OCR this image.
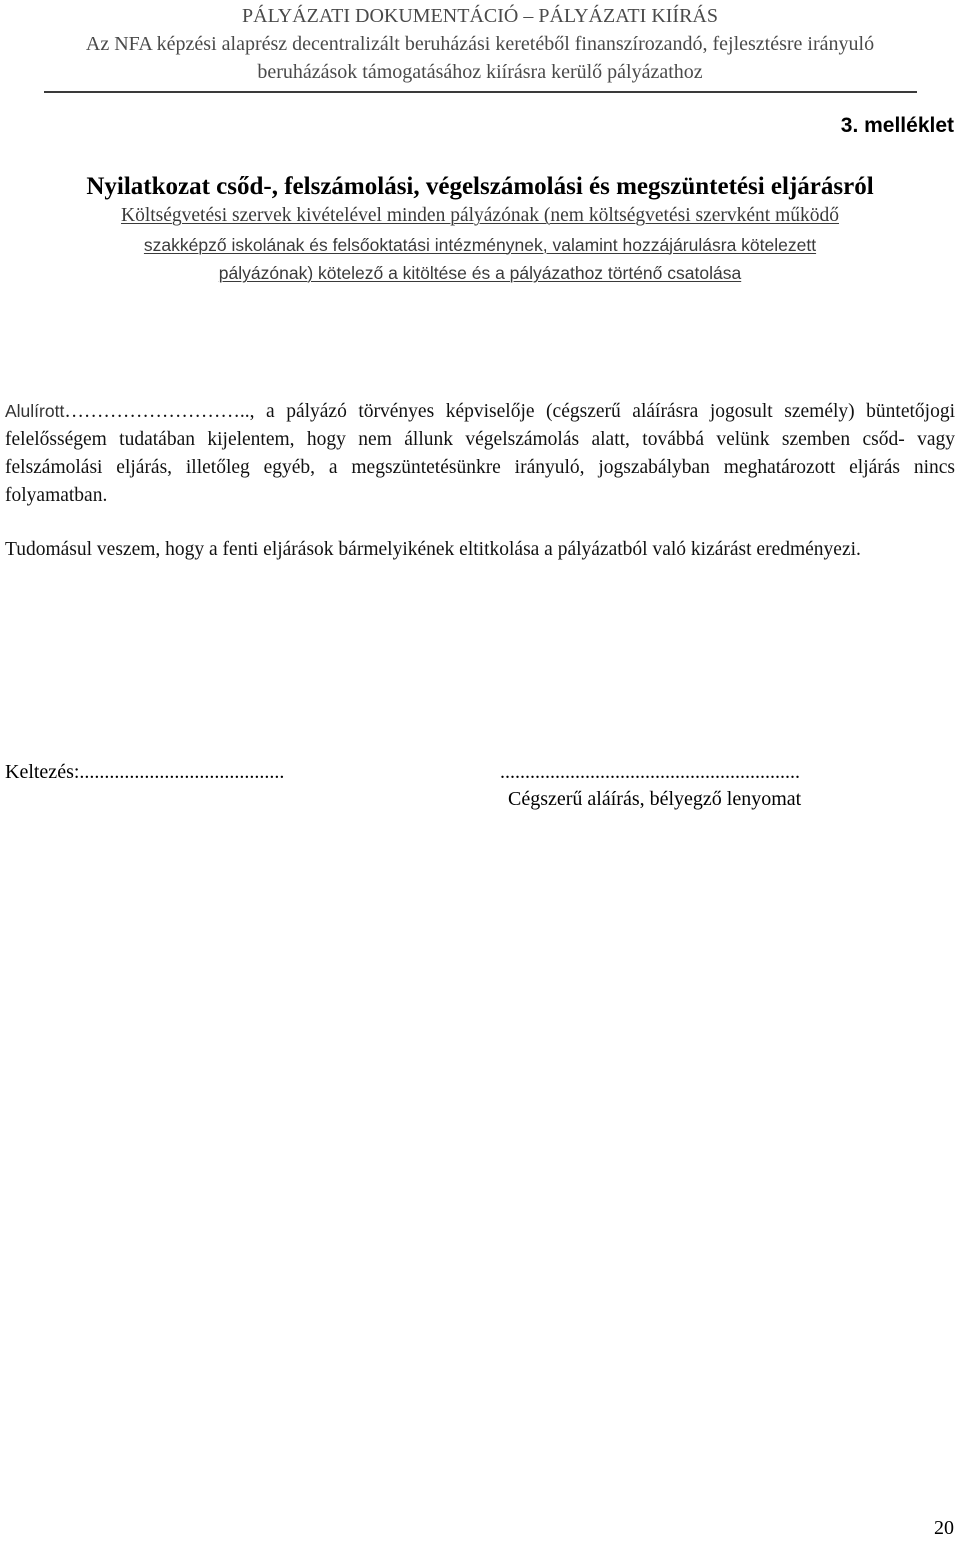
PÁLYÁZATI DOKUMENTÁCIÓ – PÁLYÁZATI KIÍRÁS
Az NFA képzési alaprész decentralizált beruházási keretéből finanszírozandó, fejlesztésre irányuló
beruházások támogatásához kiírásra kerülő pályázathoz
3. melléklet
Nyilatkozat csőd-, felszámolási, végelszámolási és megszüntetési eljárásról
Költségvetési szervek kivételével minden pályázónak (nem költségvetési szervként működő
szakképző iskolának és felsőoktatási intézménynek, valamint hozzájárulásra kötelezett
pályázónak) kötelező a kitöltése és a pályázathoz történő csatolása
Alulírott……………………….., a pályázó törvényes képviselője (cégszerű aláírásra jogosult személy) büntetőjogi felelősségem tudatában kijelentem, hogy nem állunk végelszámolás alatt, továbbá velünk szemben csőd- vagy felszámolási eljárás, illetőleg egyéb, a megszüntetésünkre irányuló, jogszabályban meghatározott eljárás nincs folyamatban.
Tudomásul veszem, hogy a fenti eljárások bármelyikének eltitkolása a pályázatból való kizárást eredményezi.
Keltezés:.........................................	............................................................
Cégszerű aláírás, bélyegző lenyomat
20
